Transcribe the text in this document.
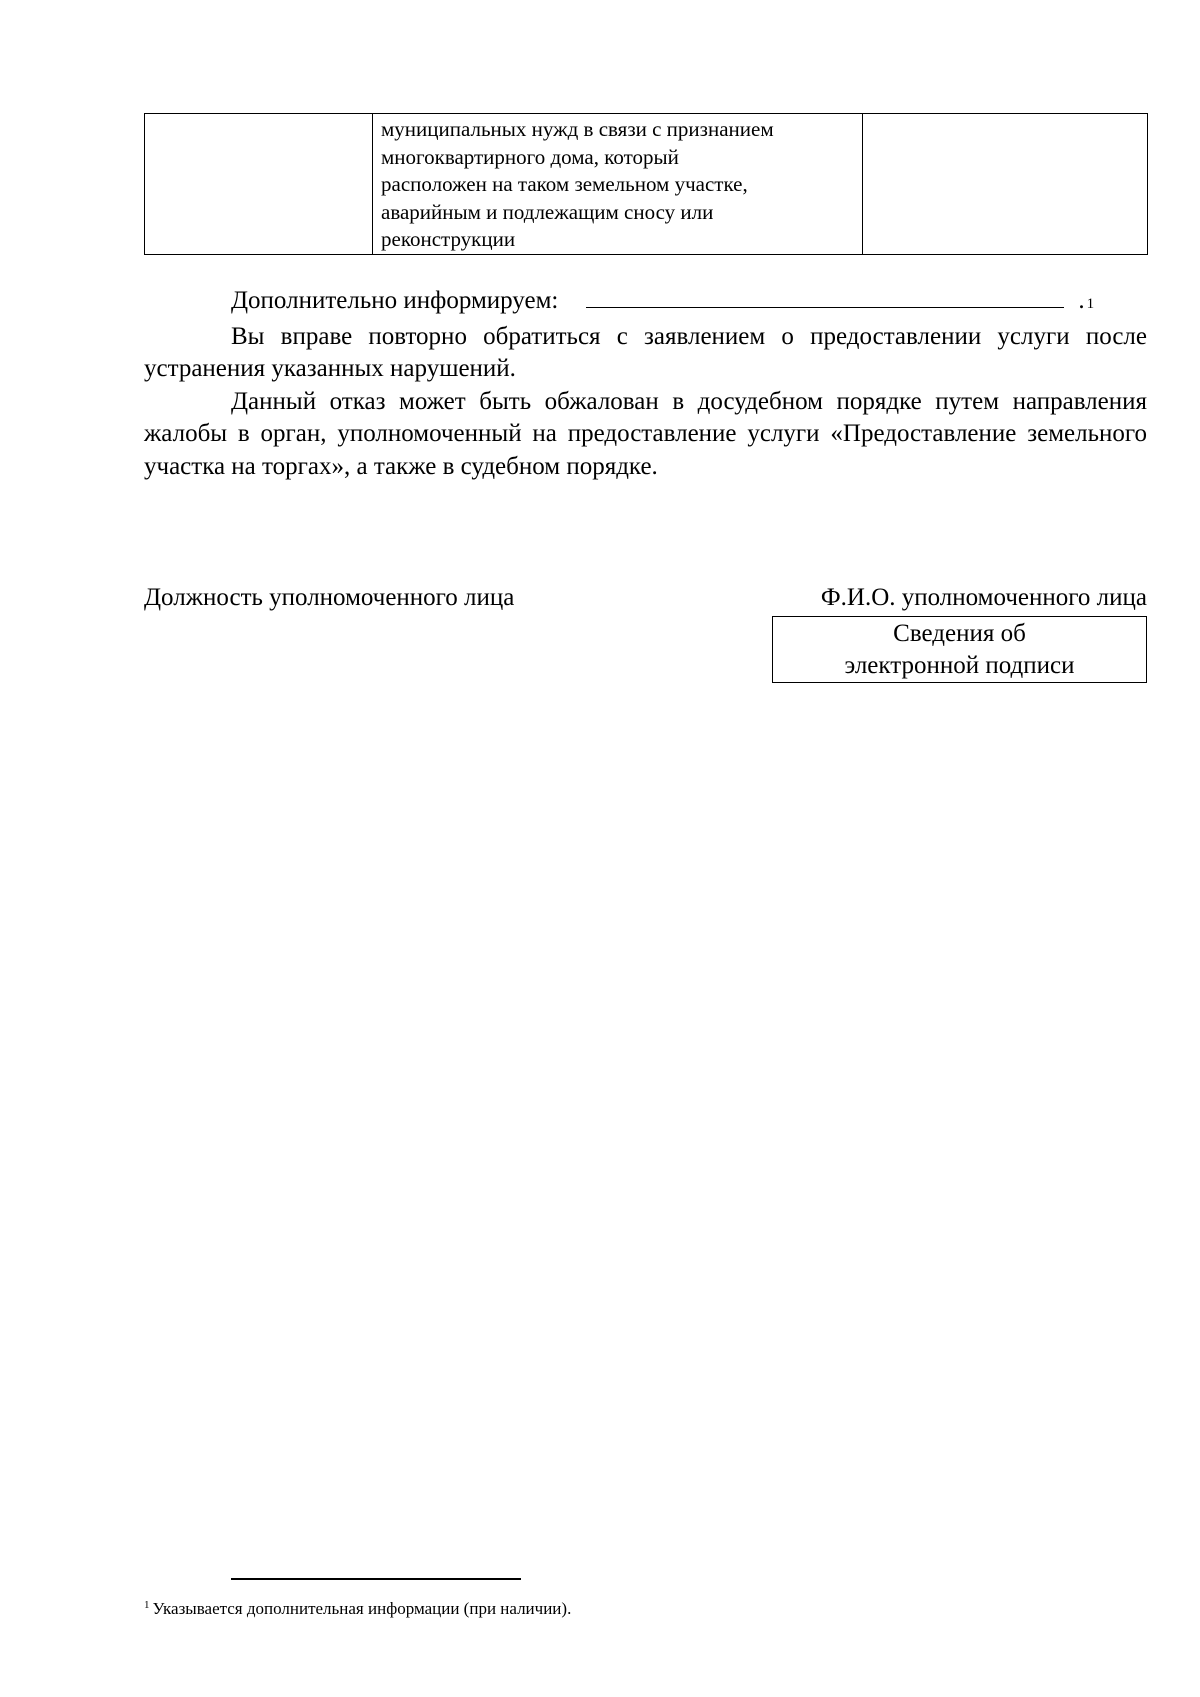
муниципальных нужд в связи с признанием
многоквартирного дома, который
расположен на таком земельном участке,
аварийным и подлежащим сносу или
реконструкции

Дополнительно информируем:	. 1

Вы вправе повторно обратиться с заявлением о предоставлении услуги после устранения указанных нарушений.

Данный отказ может быть обжалован в досудебном порядке путем направления жалобы в орган, уполномоченный на предоставление услуги «Предоставление земельного участка на торгах», а также в судебном порядке.

Должность уполномоченного лица	Ф.И.О. уполномоченного лица
Сведения об
электронной подписи
$^1$ Указывается дополнительная информации (при наличии).
